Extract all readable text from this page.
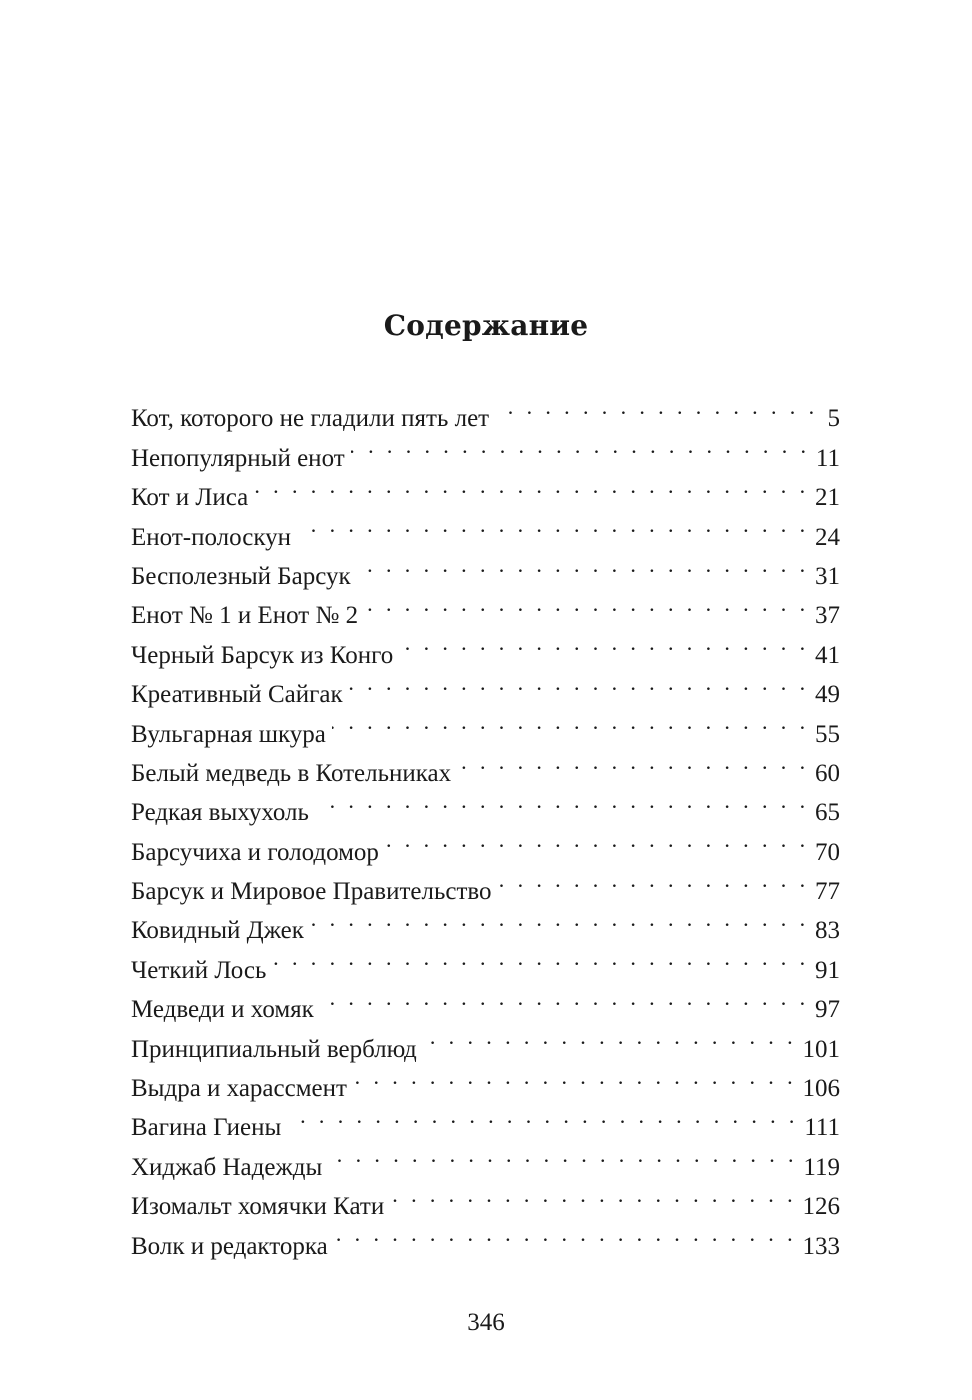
Содержание
Кот, которого не гладили пять лет . . .	5
Непопулярный енот . . .	11
Кот и Лиса . . .	21
Енот-полоскун . . .	24
Бесполезный Барсук . . .	31
Енот № 1 и Енот № 2 . . .	37
Черный Барсук из Конго . . .	41
Креативный Сайгак . . .	49
Вульгарная шкура . . .	55
Белый медведь в Котельниках . . .	60
Редкая выхухоль . . .	65
Барсучиха и голодомор . . .	70
Барсук и Мировое Правительство . . .	77
Ковидный Джек . . .	83
Четкий Лось . . .	91
Медведи и хомяк . . .	97
Принципиальный верблюд . . .	101
Выдра и харассмент . . .	106
Вагина Гиены . . .	111
Хиджаб Надежды . . .	119
Изомальт хомячки Кати . . .	126
Волк и редакторка . . .	133
346
